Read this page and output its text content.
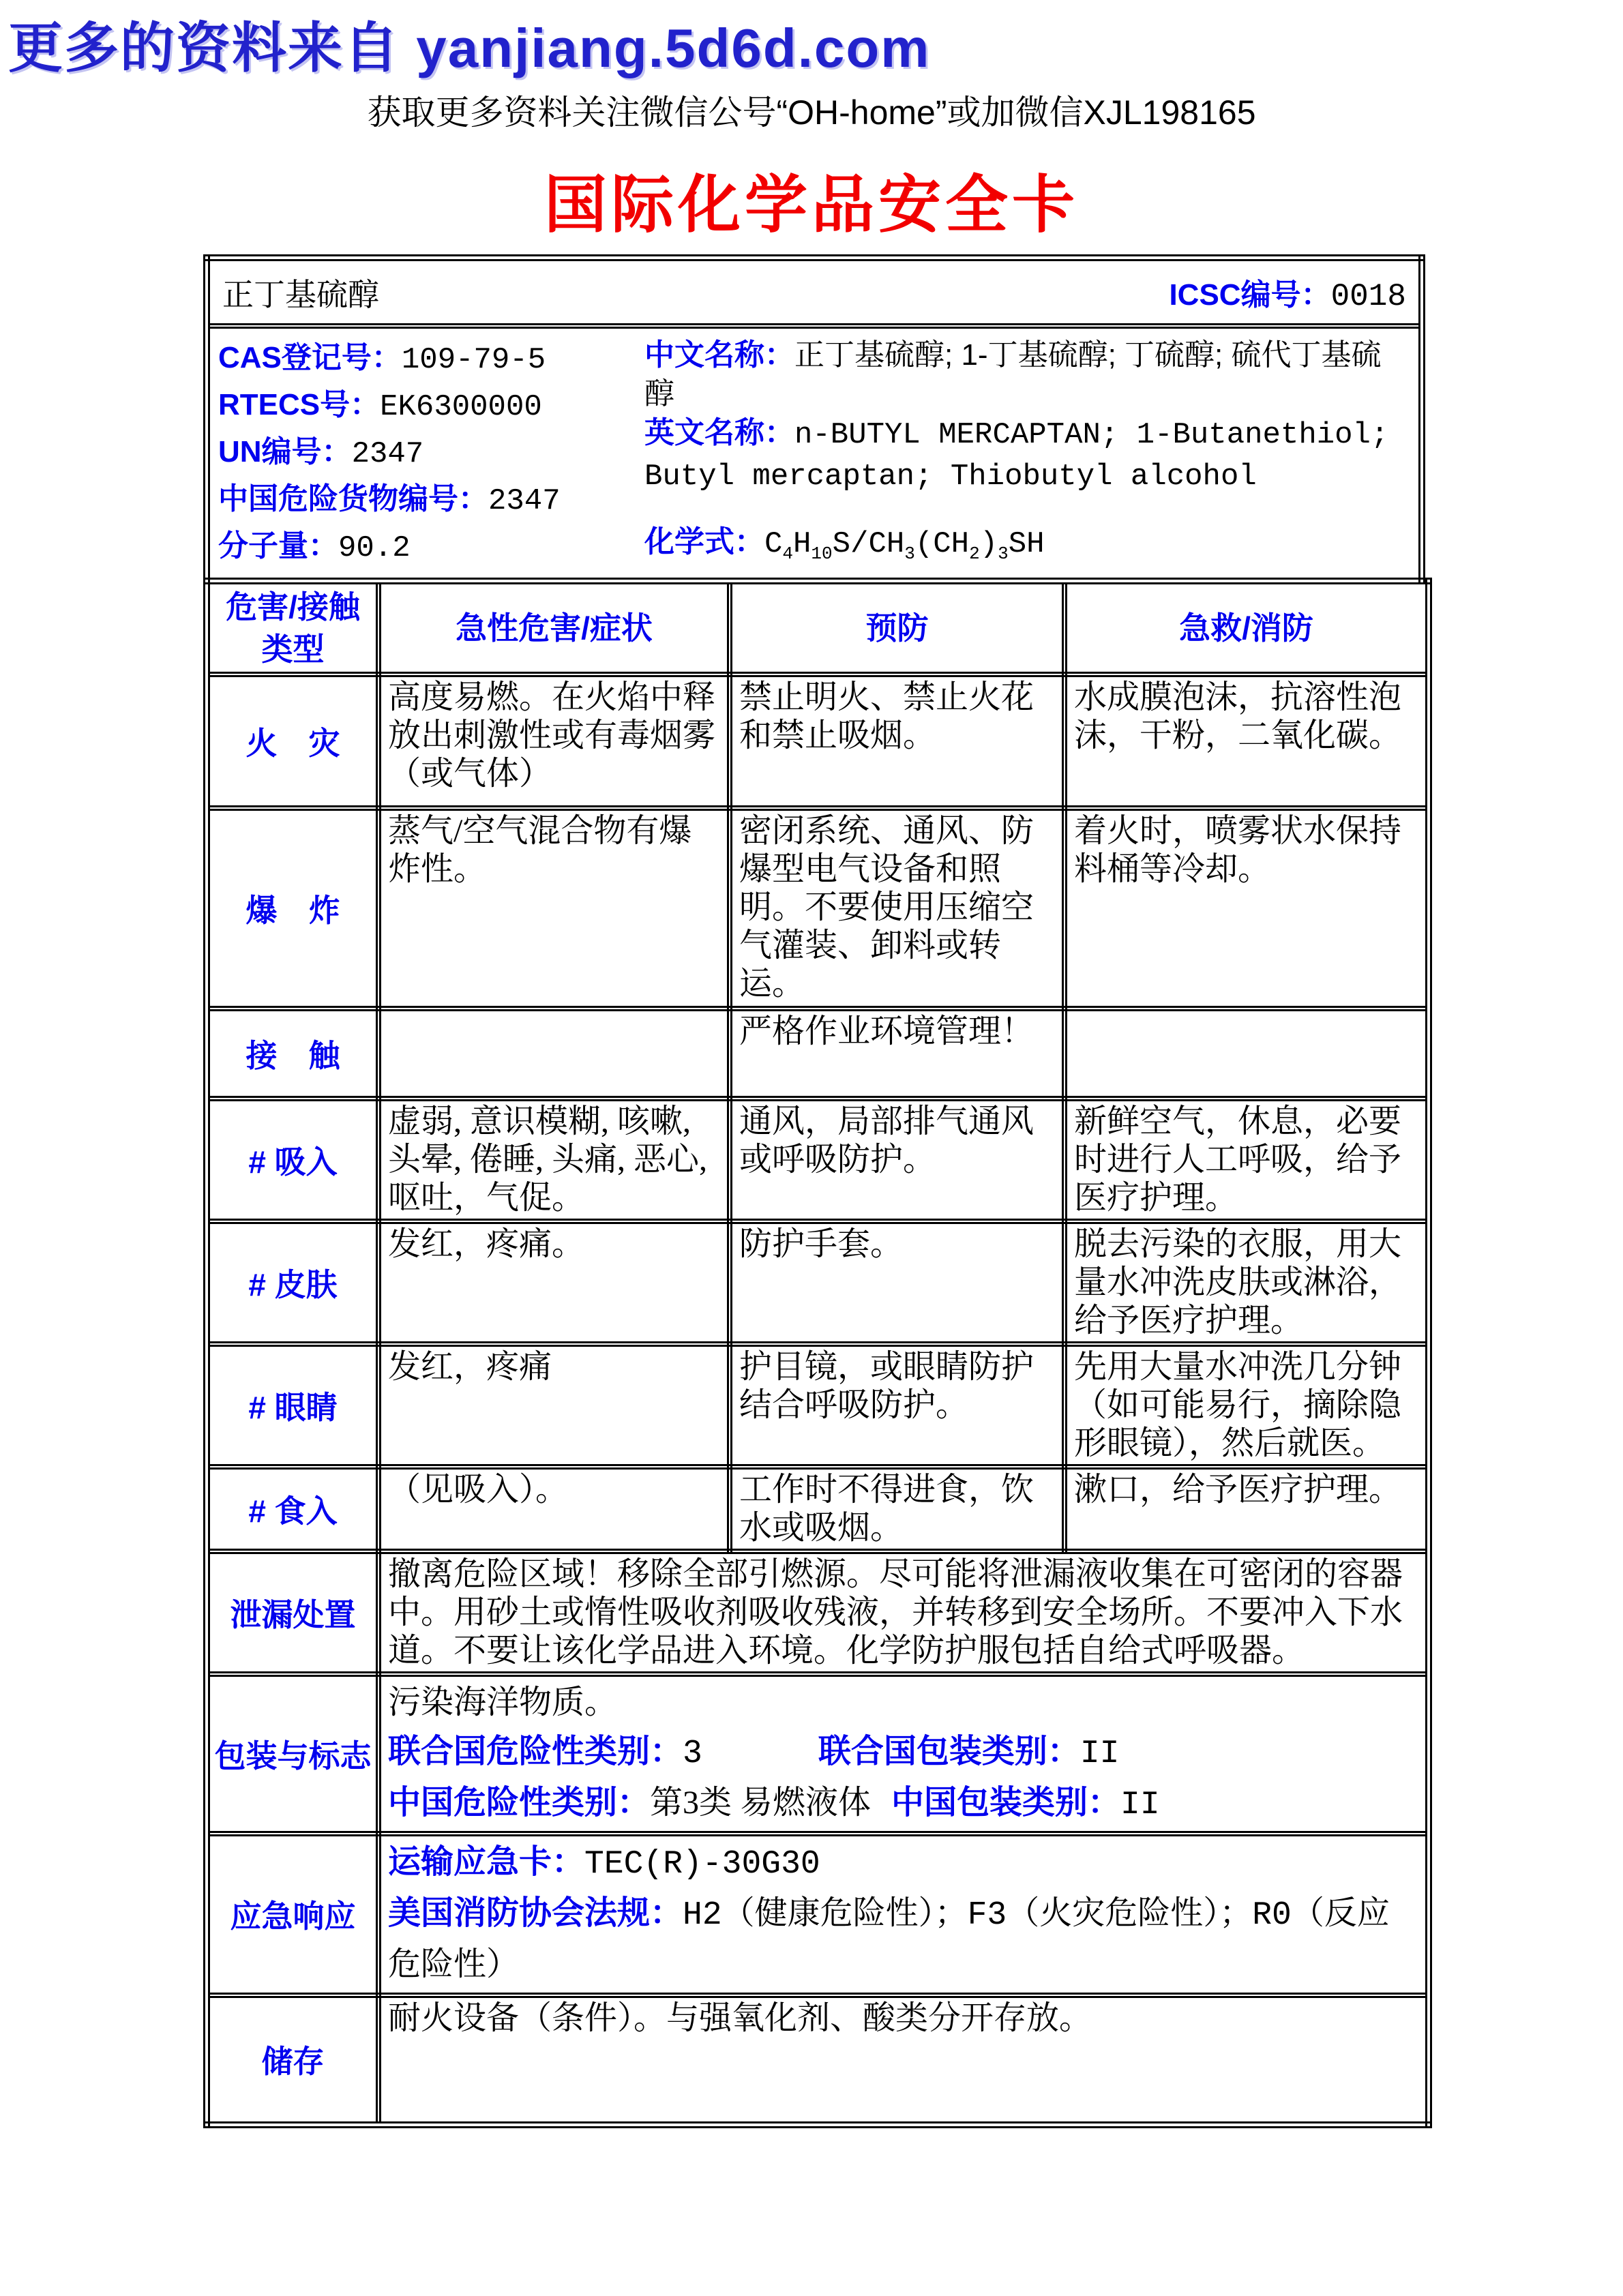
更多的资料来自 yanjiang.5d6d.com
获取更多资料关注微信公号“OH-home”或加微信XJL198165
国际化学品安全卡
正丁基硫醇	ICSC编号：0018

CAS登记号：109-79-5
RTECS号：EK6300000
UN编号：2347
中国危险货物编号：2347
分子量：90.2
中文名称：正丁基硫醇; 1-丁基硫醇; 丁硫醇; 硫代丁基硫醇
英文名称：n-BUTYL MERCAPTAN; 1-Butanethiol; Butyl mercaptan; Thiobutyl alcohol
化学式：$C_4H_{10}S/CH_3(CH_2)_3SH$
危害/接触
类型	急性危害/症状	预防	急救/消防
火　灾	高度易燃。在火焰中释放出刺激性或有毒烟雾（或气体）	禁止明火、禁止火花和禁止吸烟。	水成膜泡沫，抗溶性泡沫，干粉，二氧化碳。
爆　炸	蒸气/空气混合物有爆炸性。	密闭系统、通风、防爆型电气设备和照明。不要使用压缩空气灌装、卸料或转运。	着火时，喷雾状水保持料桶等冷却。
接　触		严格作业环境管理！	
# 吸入	虚弱, 意识模糊, 咳嗽, 头晕, 倦睡, 头痛, 恶心, 呕吐，气促。	通风，局部排气通风或呼吸防护。	新鲜空气，休息，必要时进行人工呼吸，给予医疗护理。
# 皮肤	发红，疼痛。	防护手套。	脱去污染的衣服，用大量水冲洗皮肤或淋浴，给予医疗护理。
# 眼睛	发红，疼痛	护目镜，或眼睛防护结合呼吸防护。	先用大量水冲洗几分钟（如可能易行，摘除隐形眼镜），然后就医。
# 食入	（见吸入）。	工作时不得进食，饮水或吸烟。	漱口，给予医疗护理。
泄漏处置	撤离危险区域！移除全部引燃源。尽可能将泄漏液收集在可密闭的容器中。用砂土或惰性吸收剂吸收残液，并转移到安全场所。不要冲入下水道。不要让该化学品进入环境。化学防护服包括自给式呼吸器。		
包装与标志	污染海洋物质。
联合国危险性类别：3 联合国包装类别：II
中国危险性类别：第3类 易燃液体 中国包装类别：II		

应急响应	运输应急卡：TEC(R)-30G30
美国消防协会法规：H2（健康危险性）；F3（火灾危险性）；R0（反应危险性）		

储存	耐火设备（条件）。与强氧化剂、酸类分开存放。		
